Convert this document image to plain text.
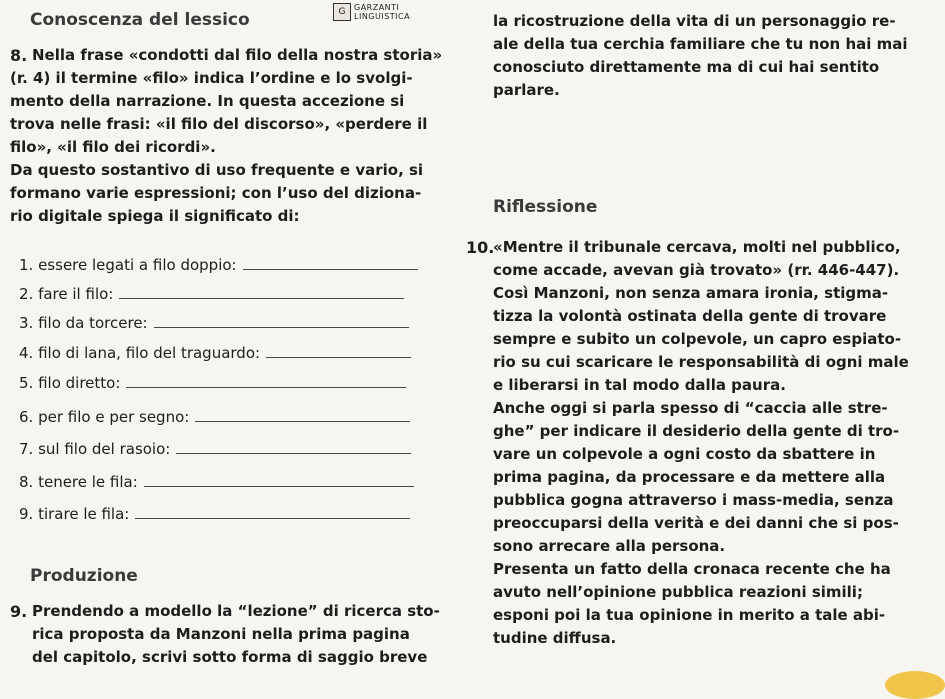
Conoscenza del lessico	G	GARZANTI
LINGUISTICA
8. Nella frase «condotti dal filo della nostra storia»
(r. 4) il termine «filo» indica l’ordine e lo svolgi-
mento della narrazione. In questa accezione si
trova nelle frasi: «il filo del discorso», «perdere il
filo», «il filo dei ricordi».
Da questo sostantivo di uso frequente e vario, si
formano varie espressioni; con l’uso del diziona-
rio digitale spiega il significato di:
1. essere legati a filo doppio:
2. fare il filo:
3. filo da torcere:
4. filo di lana, filo del traguardo:
5. filo diretto:
6. per filo e per segno:
7. sul filo del rasoio:
8. tenere le fila:
9. tirare le fila:
Produzione
9. Prendendo a modello la “lezione” di ricerca sto-
rica proposta da Manzoni nella prima pagina
del capitolo, scrivi sotto forma di saggio breve
la ricostruzione della vita di un personaggio re-
ale della tua cerchia familiare che tu non hai mai
conosciuto direttamente ma di cui hai sentito
parlare.
Riflessione
10.
«Mentre il tribunale cercava, molti nel pubblico,
come accade, avevan già trovato» (rr. 446-447).
Così Manzoni, non senza amara ironia, stigma-
tizza la volontà ostinata della gente di trovare
sempre e subito un colpevole, un capro espiato-
rio su cui scaricare le responsabilità di ogni male
e liberarsi in tal modo dalla paura.
Anche oggi si parla spesso di “caccia alle stre-
ghe” per indicare il desiderio della gente di tro-
vare un colpevole a ogni costo da sbattere in
prima pagina, da processare e da mettere alla
pubblica gogna attraverso i mass-media, senza
preoccuparsi della verità e dei danni che si pos-
sono arrecare alla persona.
Presenta un fatto della cronaca recente che ha
avuto nell’opinione pubblica reazioni simili;
esponi poi la tua opinione in merito a tale abi-
tudine diffusa.
